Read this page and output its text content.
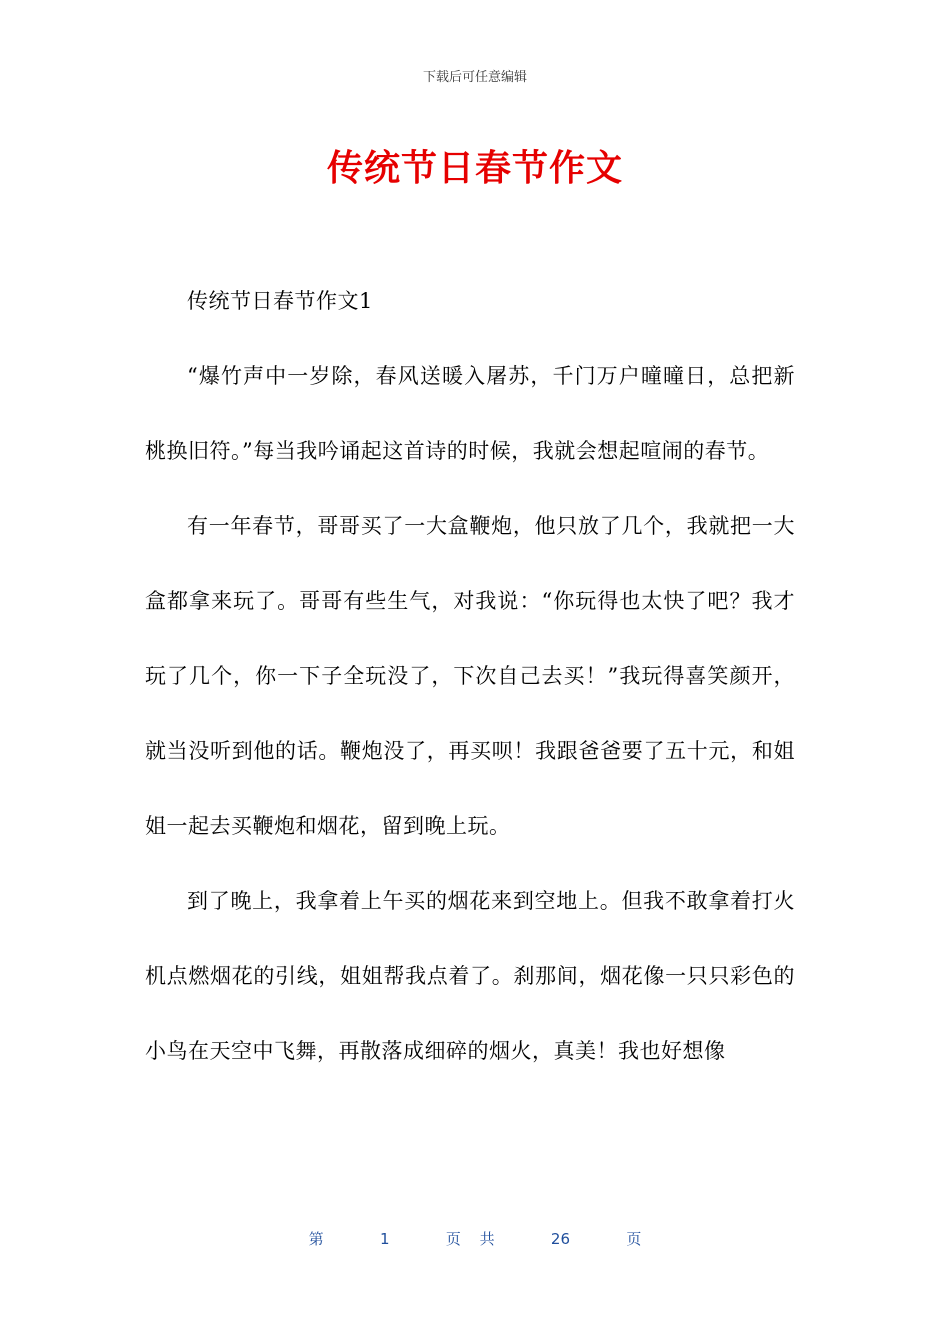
下载后可任意编辑
传统节日春节作文

传统节日春节作文1

“爆竹声中一岁除，春风送暖入屠苏，千门万户曈曈日，总把新桃换旧符。”每当我吟诵起这首诗的时候，我就会想起喧闹的春节。

有一年春节，哥哥买了一大盒鞭炮，他只放了几个，我就把一大盒都拿来玩了。哥哥有些生气，对我说：“你玩得也太快了吧？我才玩了几个，你一下子全玩没了，下次自己去买！”我玩得喜笑颜开，就当没听到他的话。鞭炮没了，再买呗！我跟爸爸要了五十元，和姐姐一起去买鞭炮和烟花，留到晚上玩。

到了晚上，我拿着上午买的烟花来到空地上。但我不敢拿着打火机点燃烟花的引线，姐姐帮我点着了。刹那间，烟花像一只只彩色的小鸟在天空中飞舞，再散落成细碎的烟火，真美！我也好想像

第	1	页 共	26	页
